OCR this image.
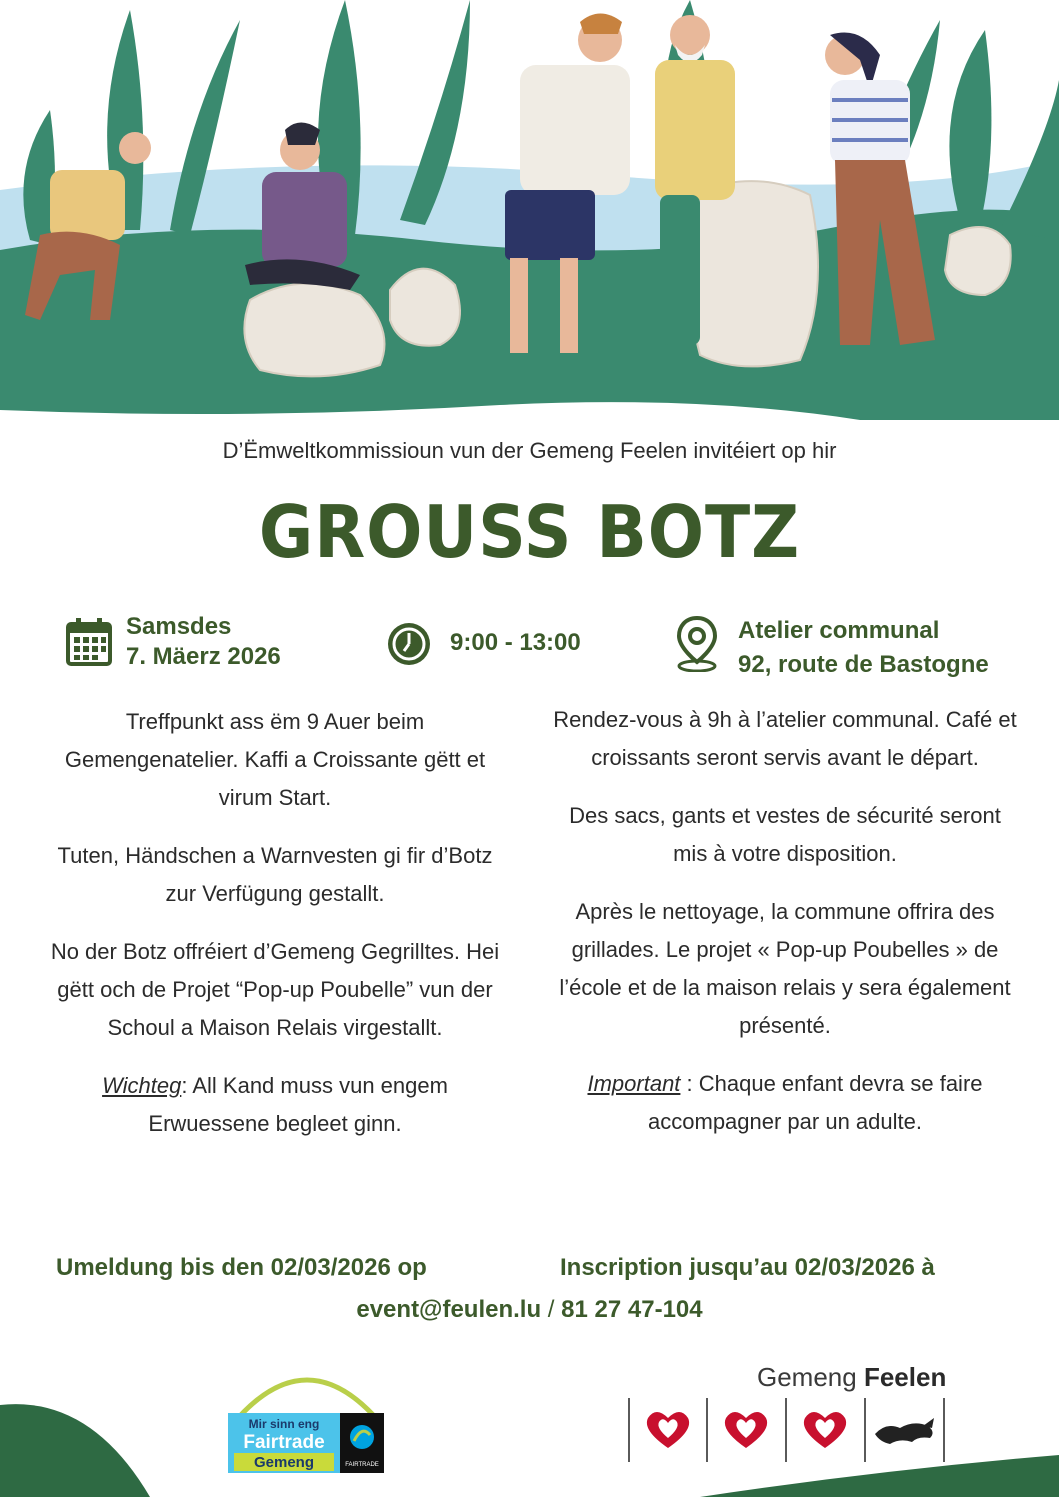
D’Ëmweltkommissioun vun der Gemeng Feelen invitéiert op hir
GROUSS BOTZ
Samsdes
7. Mäerz 2026
9:00 - 13:00	Atelier communal
92, route de Bastogne

Treffpunkt ass ëm 9 Auer beim Gemengenatelier. Kaffi a Croissante gëtt et virum Start.

Tuten, Händschen a Warnvesten gi fir d’Botz zur Verfügung gestallt.

No der Botz offréiert d’Gemeng Gegrilltes. Hei gëtt och de Projet “Pop-up Poubelle” vun der Schoul a Maison Relais virgestallt.

Wichteg: All Kand muss vun engem Erwuessene begleet ginn.

Rendez-vous à 9h à l’atelier communal. Café et croissants seront servis avant le départ.

Des sacs, gants et vestes de sécurité seront mis à votre disposition.

Après le nettoyage, la commune offrira des grillades. Le projet « Pop-up Poubelles » de l’école et de la maison relais y sera également présenté.

Important : Chaque enfant devra se faire accompagner par un adulte.

Umeldung bis den 02/03/2026 op	Inscription jusqu’au 02/03/2026 à
event@feulen.lu / 81 27 47-104
Mir sinn eng
Fairtrade
Gemeng	FAIRTRADE
Gemeng Feelen
